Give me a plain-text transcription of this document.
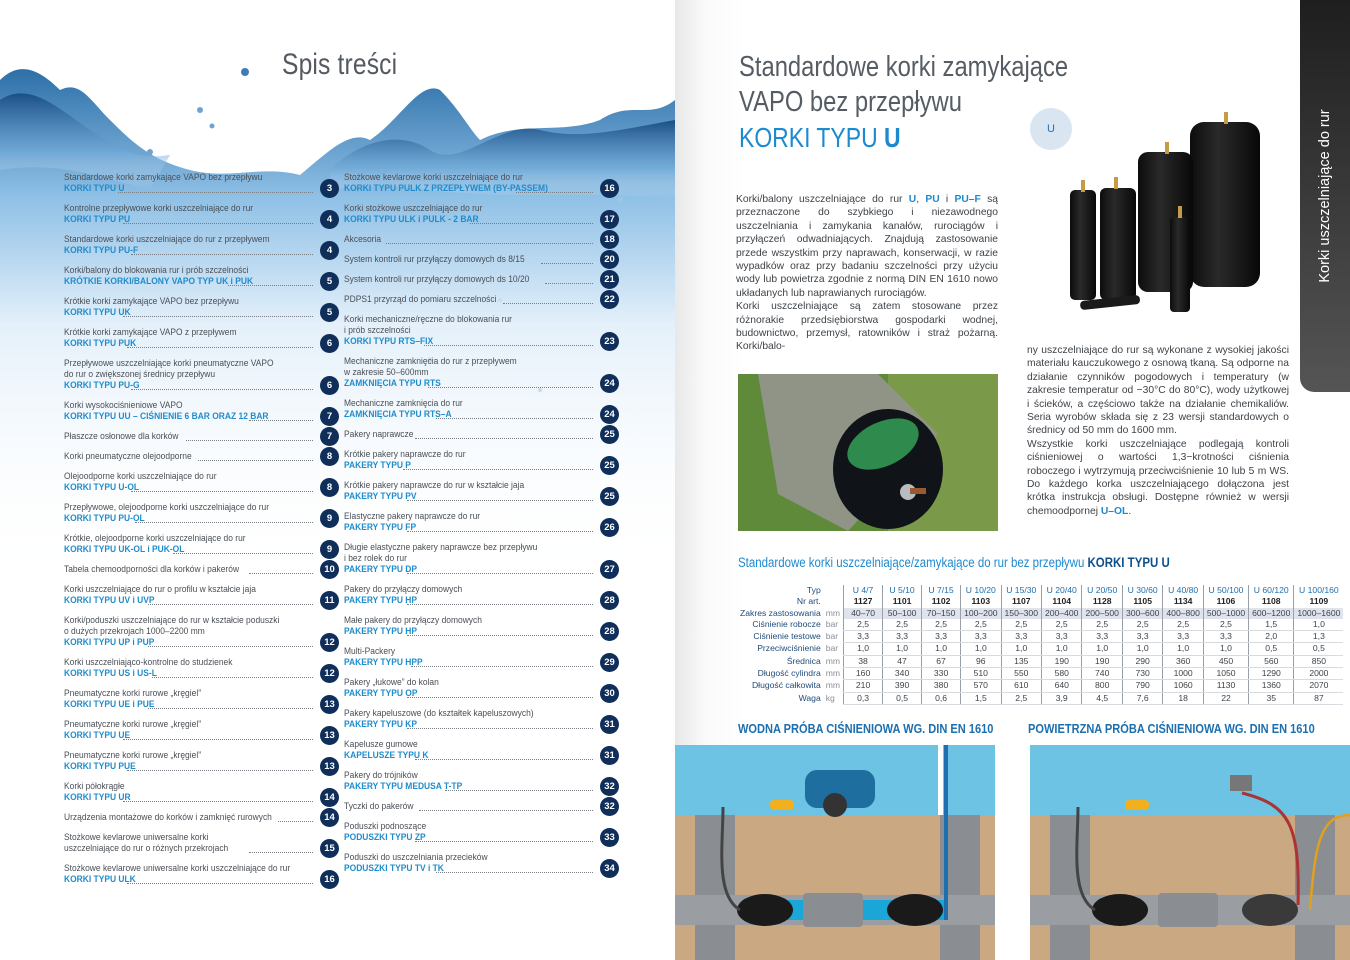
Spis treści
Standardowe korki zamykające VAPO bez przepływu
KORKI TYPU U	3
Kontrolne przepływowe korki uszczelniające do rur
KORKI TYPU PU	4
Standardowe korki uszczelniające do rur z przepływem
KORKI TYPU PU-F	4
Korki/balony do blokowania rur i prób szczelności
KRÓTKIE KORKI/BALONY VAPO TYP UK i PUK	5
Krótkie korki zamykające VAPO bez przepływu
KORKI TYPU UK	5
Krótkie korki zamykające VAPO z przepływem
KORKI TYPU PUK	6
Przepływowe uszczelniające korki pneumatyczne VAPO
do rur o zwiększonej średnicy przepływu
KORKI TYPU PU-G	6
Korki wysokociśnieniowe VAPO
KORKI TYPU UU – CIŚNIENIE 6 BAR ORAZ 12 BAR	7
Płaszcze osłonowe dla korków	7
Korki pneumatyczne olejoodporne	8
Olejoodporne korki uszczelniające do rur
KORKI TYPU U-OL	8
Przepływowe, olejoodporne korki uszczelniające do rur
KORKI TYPU PU-OL	9
Krótkie, olejoodporne korki uszczelniające do rur
KORKI TYPU UK-OL i PUK-OL	9
Tabela chemoodporności dla korków i pakerów	10
Korki uszczelniające do rur o profilu w kształcie jaja
KORKI TYPU UV i UVP	11
Korki/poduszki uszczelniające do rur w kształcie poduszki
o dużych przekrojach 1000–2200 mm
KORKI TYPU UP i PUP	12
Korki uszczelniająco-kontrolne do studzienek
KORKI TYPU US i US-L	12
Pneumatyczne korki rurowe „kręgiel”
KORKI TYPU UE i PUE	13
Pneumatyczne korki rurowe „kręgiel”
KORKI TYPU UE	13
Pneumatyczne korki rurowe „kręgiel”
KORKI TYPU PUE	13
Korki półokrągłe
KORKI TYPU UR	14
Urządzenia montażowe do korków i zamknięć rurowych	14
Stożkowe kevlarowe uniwersalne korki
uszczelniające do rur o różnych przekrojach	15
Stożkowe kevlarowe uniwersalne korki uszczelniające do rur
KORKI TYPU ULK	16
Stożkowe kevlarowe korki uszczelniające do rur
KORKI TYPU PULK Z PRZEPŁYWEM (BY-PASSEM)	16
Korki stożkowe uszczelniające do rur
KORKI TYPU ULK i PULK - 2 BAR	17
Akcesoria	18
System kontroli rur przyłączy domowych ds 8/15	20
System kontroli rur przyłączy domowych ds 10/20	21
PDPS1 przyrząd do pomiaru szczelności	22
Korki mechaniczne/ręczne do blokowania rur
i prób szczelności
KORKI TYPU RTS–FIX	23
Mechaniczne zamknięcia do rur z przepływem
w zakresie 50–600mm
ZAMKNIĘCIA TYPU RTS	24
Mechaniczne zamknięcia do rur
ZAMKNIĘCIA TYPU RTS–A	24
Pakery naprawcze	25
Krótkie pakery naprawcze do rur
PAKERY TYPU P	25
Krótkie pakery naprawcze do rur w kształcie jaja
PAKERY TYPU PV	25
Elastyczne pakery naprawcze do rur
PAKERY TYPU FP	26
Długie elastyczne pakery naprawcze bez przepływu
i bez rolek do rur
PAKERY TYPU DP	27
Pakery do przyłączy domowych
PAKERY TYPU HP	28
Małe pakery do przyłączy domowych
PAKERY TYPU HP	28
Multi-Packery
PAKERY TYPU HPP	29
Pakery „łukowe” do kolan
PAKERY TYPU OP	30
Pakery kapeluszowe (do kształtek kapeluszowych)
PAKERY TYPU KP	31
Kapelusze gumowe
KAPELUSZE TYPU K	31
Pakery do trójników
PAKERY TYPU MEDUSA T-TP	32
Tyczki do pakerów	32
Poduszki podnoszące
PODUSZKI TYPU ZP	33
Poduszki do uszczelniania przecieków
PODUSZKI TYPU TV i TK	34
Standardowe korki zamykające
VAPO bez przepływu
KORKI TYPU U	U	Korki uszczelniające do rur
Korki/balony uszczelniające do rur U, PU i PU–F są przeznaczone do szybkiego i niezawodnego uszczelniania i zamykania kanałów, rurociągów i przyłączeń odwadniających. Znajdują zastosowanie przede wszystkim przy naprawach, konserwacji, w razie wypadków oraz przy badaniu szczelności przy użyciu wody lub powietrza zgodnie z normą DIN EN 1610 nowo układanych lub naprawianych rurociągów.
Korki uszczelniające są zatem stosowane przez różnorakie przedsiębiorstwa gospodarki wodnej, budownictwo, przemysł, ratowników i straż pożarną. Korki/balo-	ny uszczelniające do rur są wykonane z wysokiej jakości materiału kauczukowego z osnową tkaną. Są odporne na działanie czynników pogodowych i temperatury (w zakresie temperatur od −30°C do 80°C), wody użytkowej i ścieków, a częściowo także na działanie chemikaliów. Seria wyrobów składa się z 23 wersji standardowych o średnicy od 50 mm do 1600 mm.
Wszystkie korki uszczelniające podlegają kontroli ciśnieniowej o wartości 1,3−krotności ciśnienia roboczego i wytrzymują przeciwciśnienie 10 lub 5 m WS. Do każdego korka uszczelniającego dołączona jest krótka instrukcja obsługi. Dostępne również w wersji chemoodpornej U–OL.
Standardowe korki uszczelniające/zamykające do rur bez przepływu KORKI TYPU U
Typ		U 4/7	U 5/10	U 7/15	U 10/20	U 15/30	U 20/40	U 20/50	U 30/60	U 40/80	U 50/100	U 60/120	U 100/160
Nr art.		1127	1101	1102	1103	1107	1104	1128	1105	1134	1106	1108	1109
Zakres zastosowania	mm	40–70	50–100	70–150	100–200	150–300	200–400	200–500	300–600	400–800	500–1000	600–1200	1000–1600
Ciśnienie robocze	bar	2,5	2,5	2,5	2,5	2,5	2,5	2,5	2,5	2,5	2,5	1,5	1,0
Ciśnienie testowe	bar	3,3	3,3	3,3	3,3	3,3	3,3	3,3	3,3	3,3	3,3	2,0	1,3
Przeciwciśnienie	bar	1,0	1,0	1,0	1,0	1,0	1,0	1,0	1,0	1,0	1,0	0,5	0,5
Średnica	mm	38	47	67	96	135	190	190	290	360	450	560	850
Długość cylindra	mm	160	340	330	510	550	580	740	730	1000	1050	1290	2000
Długość całkowita	mm	210	390	380	570	610	640	800	790	1060	1130	1360	2070
Waga	kg	0,3	0,5	0,6	1,5	2,5	3,9	4,5	7,6	18	22	35	87
WODNA PRÓBA CIŚNIENIOWA WG. DIN EN 1610	POWIETRZNA PRÓBA CIŚNIENIOWA WG. DIN EN 1610
